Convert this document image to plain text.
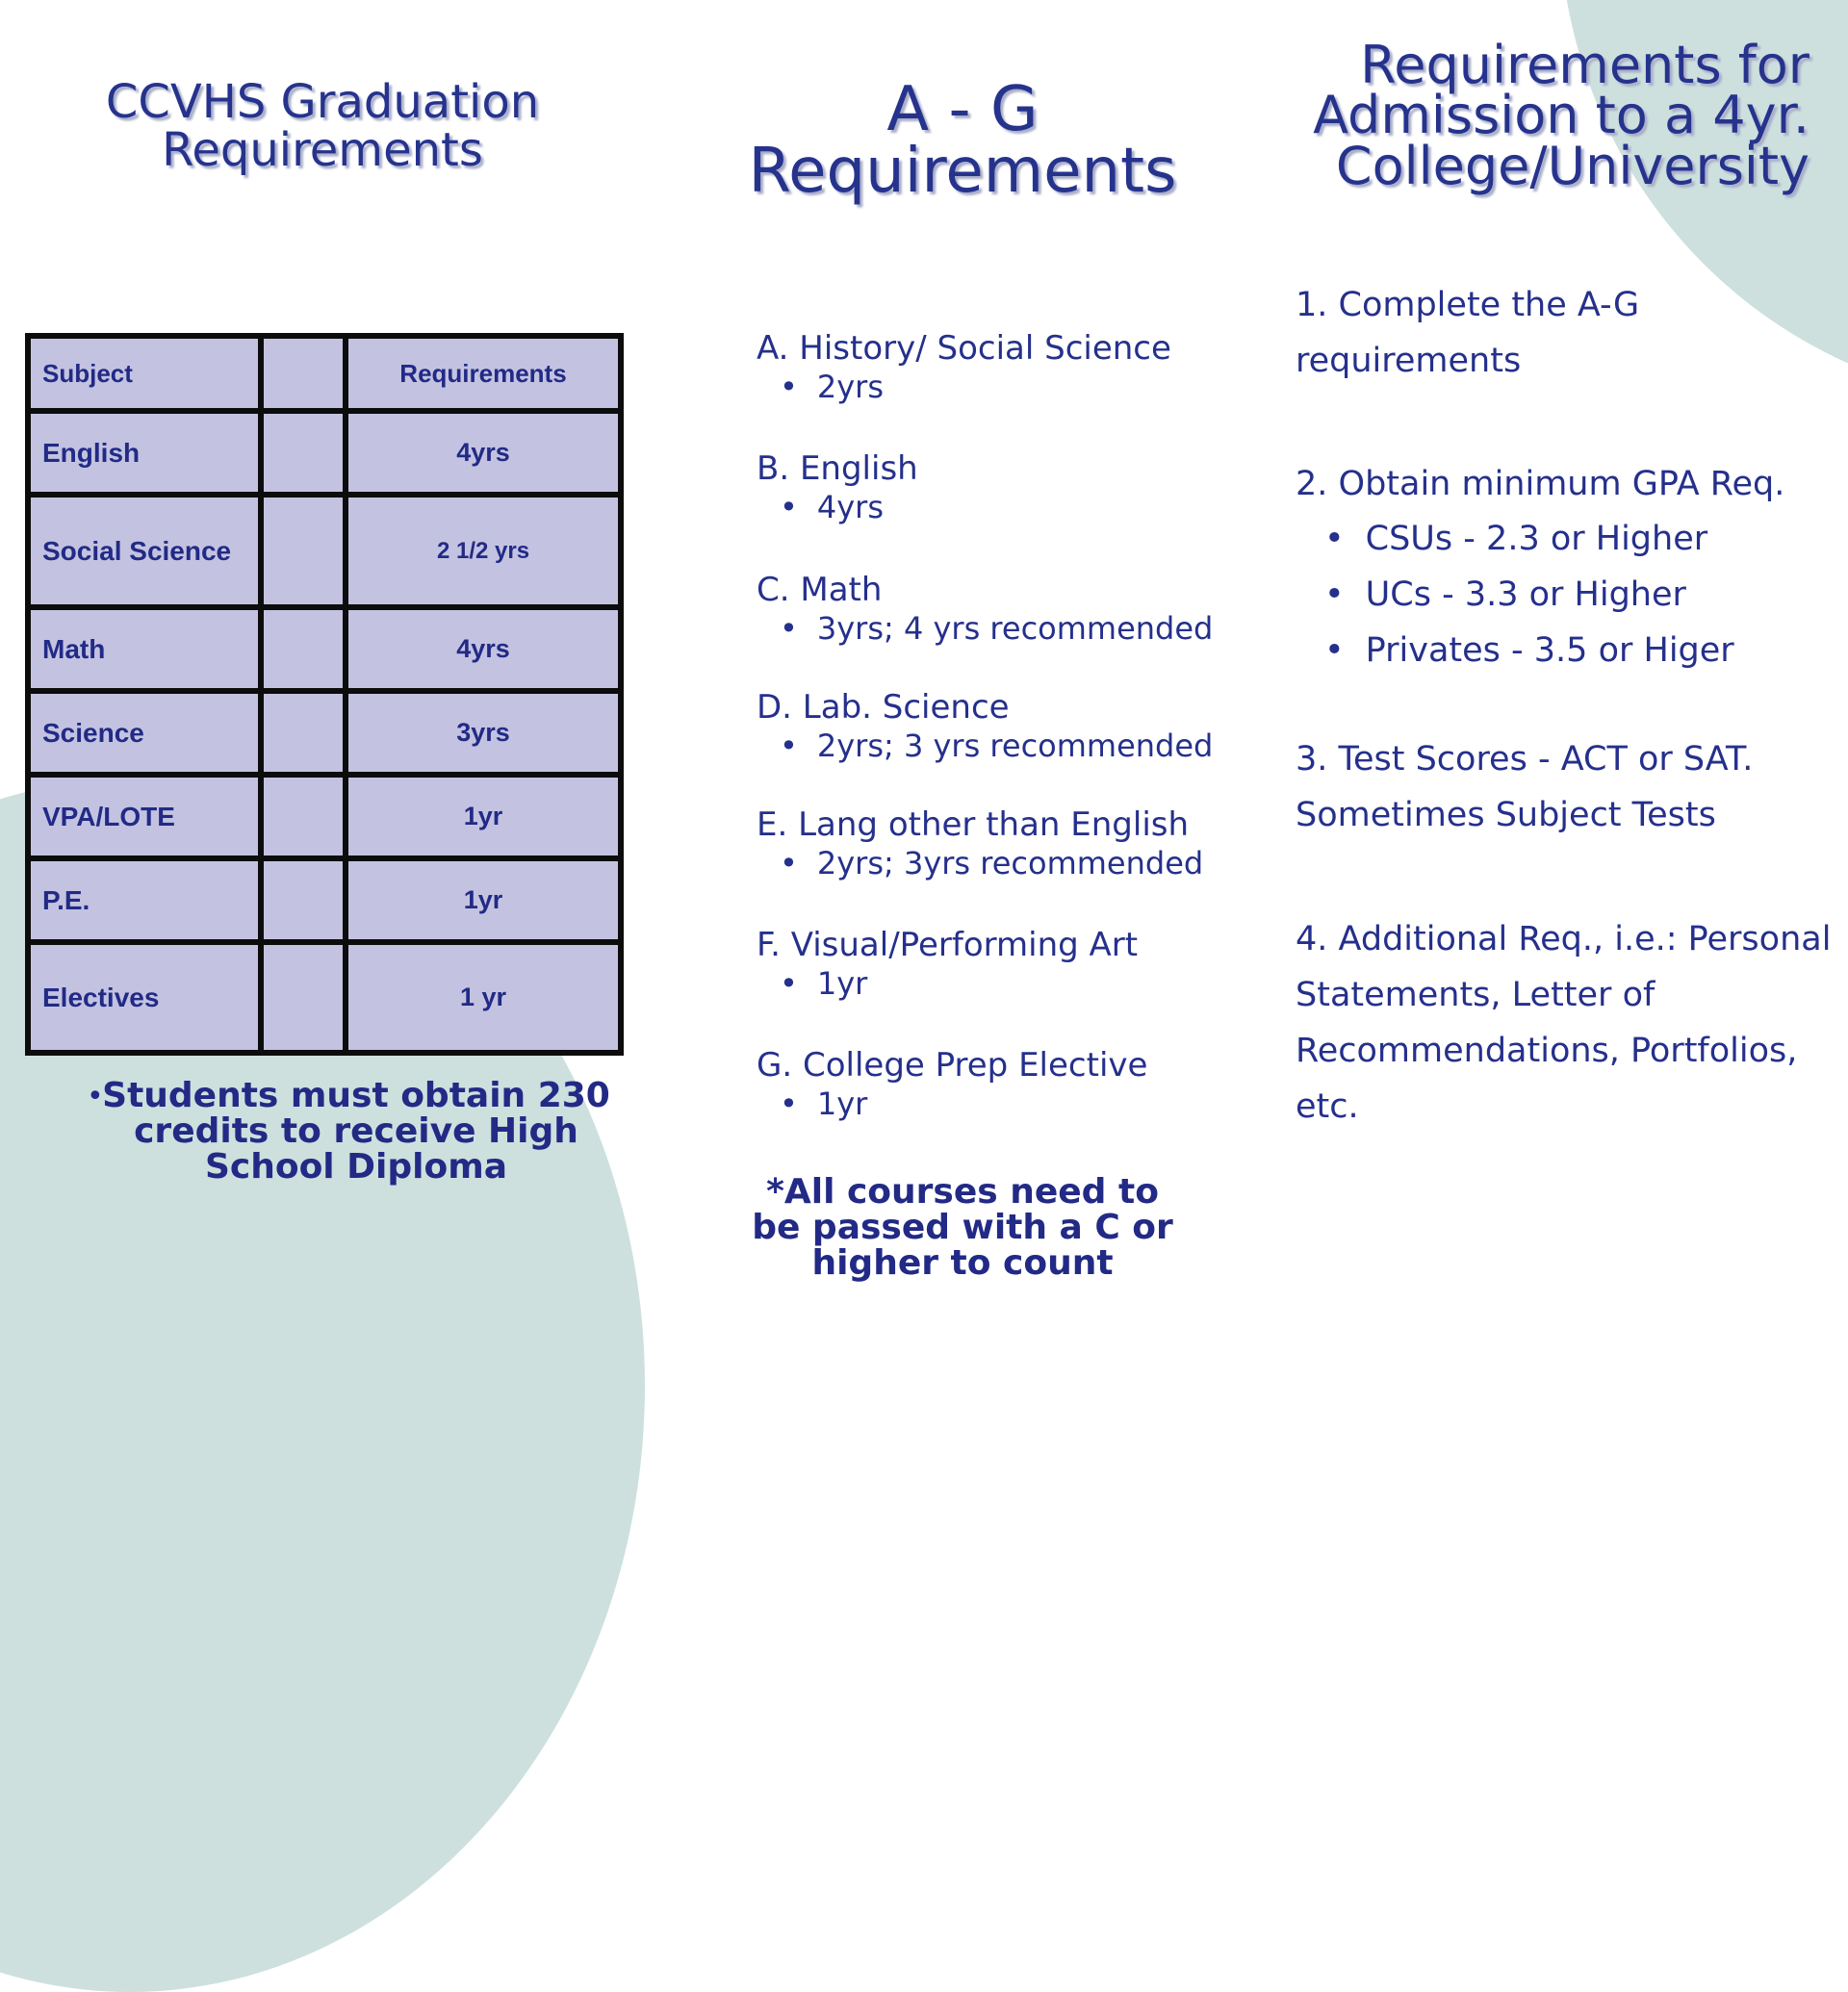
CCVHS Graduation Requirements
Subject		Requirements
English		4yrs
Social Science		2 1/2 yrs
Math		4yrs
Science		3yrs
VPA/LOTE		1yr
P.E.		1yr
Electives		1 yr
•

Students must obtain 230 credits to receive High School Diploma

A - G Requirements
A. History/ Social Science
• 2yrs
B. English
• 4yrs
C. Math
• 3yrs; 4 yrs recommended
D. Lab. Science
• 2yrs; 3 yrs recommended
E. Lang other than English
• 2yrs; 3yrs recommended
F. Visual/Performing Art
• 1yr
G. College Prep Elective
• 1yr

*All courses need to be passed with a C or higher to count

Requirements for Admission to a 4yr. College/University
1. Complete the A-G requirements
2. Obtain minimum GPA Req.
• CSUs - 2.3 or Higher
• UCs - 3.3 or Higher
• Privates - 3.5 or Higer
3. Test Scores - ACT or SAT. Sometimes Subject Tests
4. Additional Req., i.e.: Personal Statements, Letter of Recommendations, Portfolios, etc.
